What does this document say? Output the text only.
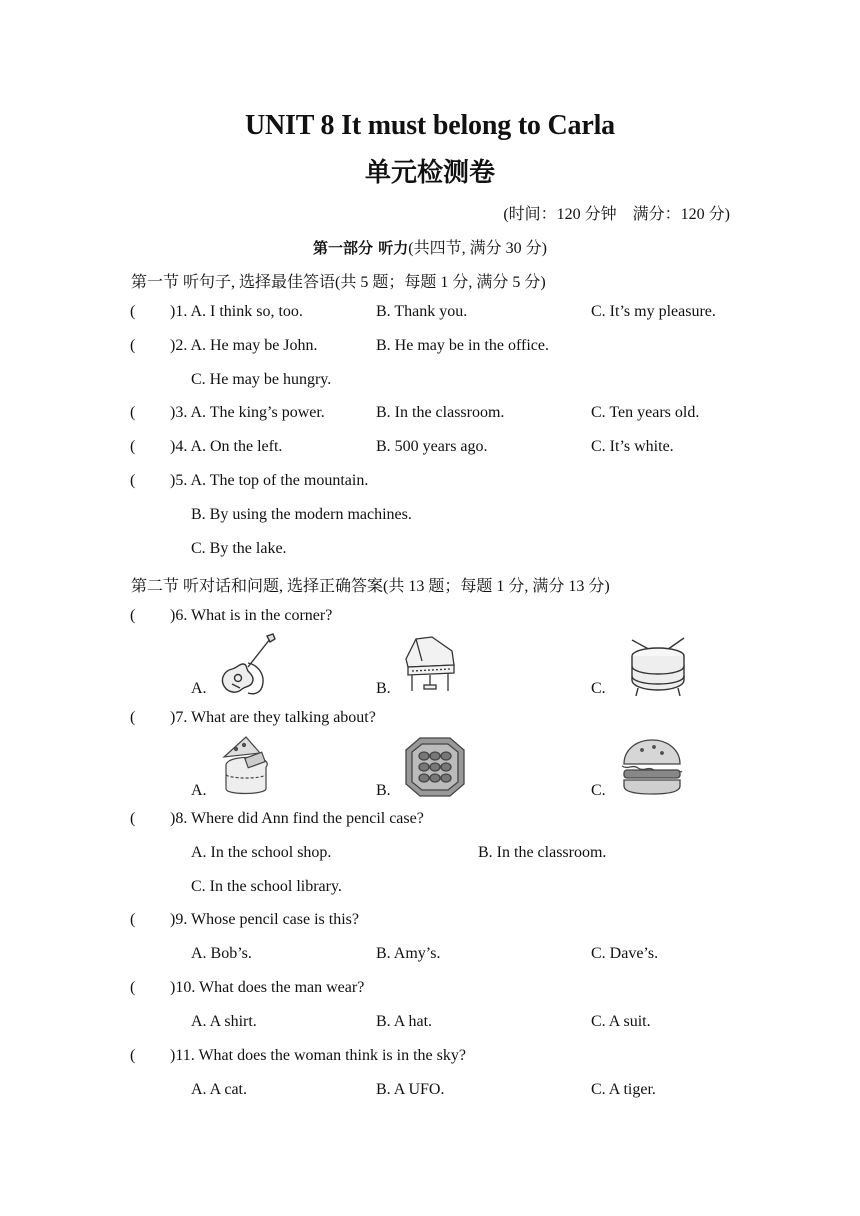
UNIT 8 It must belong to Carla
单元检测卷
(时间：120 分钟　满分：120 分)
第一部分 听力(共四节, 满分 30 分)
第一节 听句子, 选择最佳答语(共 5 题；每题 1 分, 满分 5 分)
( )1. A. I think so, too.	B. Thank you.	C. It’s my pleasure.
( )2. A. He may be John.	B. He may be in the office.
C. He may be hungry.
( )3. A. The king’s power.	B. In the classroom.	C. Ten years old.
( )4. A. On the left.	B. 500 years ago.	C. It’s white.
( )5. A. The top of the mountain.
B. By using the modern machines.
C. By the lake.
第二节 听对话和问题, 选择正确答案(共 13 题；每题 1 分, 满分 13 分)
( )6. What is in the corner?
A.	B.	C.
( )7. What are they talking about?
A.	B.	C.
( )8. Where did Ann find the pencil case?
A. In the school shop.	B. In the classroom.
C. In the school library.
( )9. Whose pencil case is this?
A. Bob’s.	B. Amy’s.	C. Dave’s.
( )10. What does the man wear?
A. A shirt.	B. A hat.	C. A suit.
( )11. What does the woman think is in the sky?
A. A cat.	B. A UFO.	C. A tiger.
